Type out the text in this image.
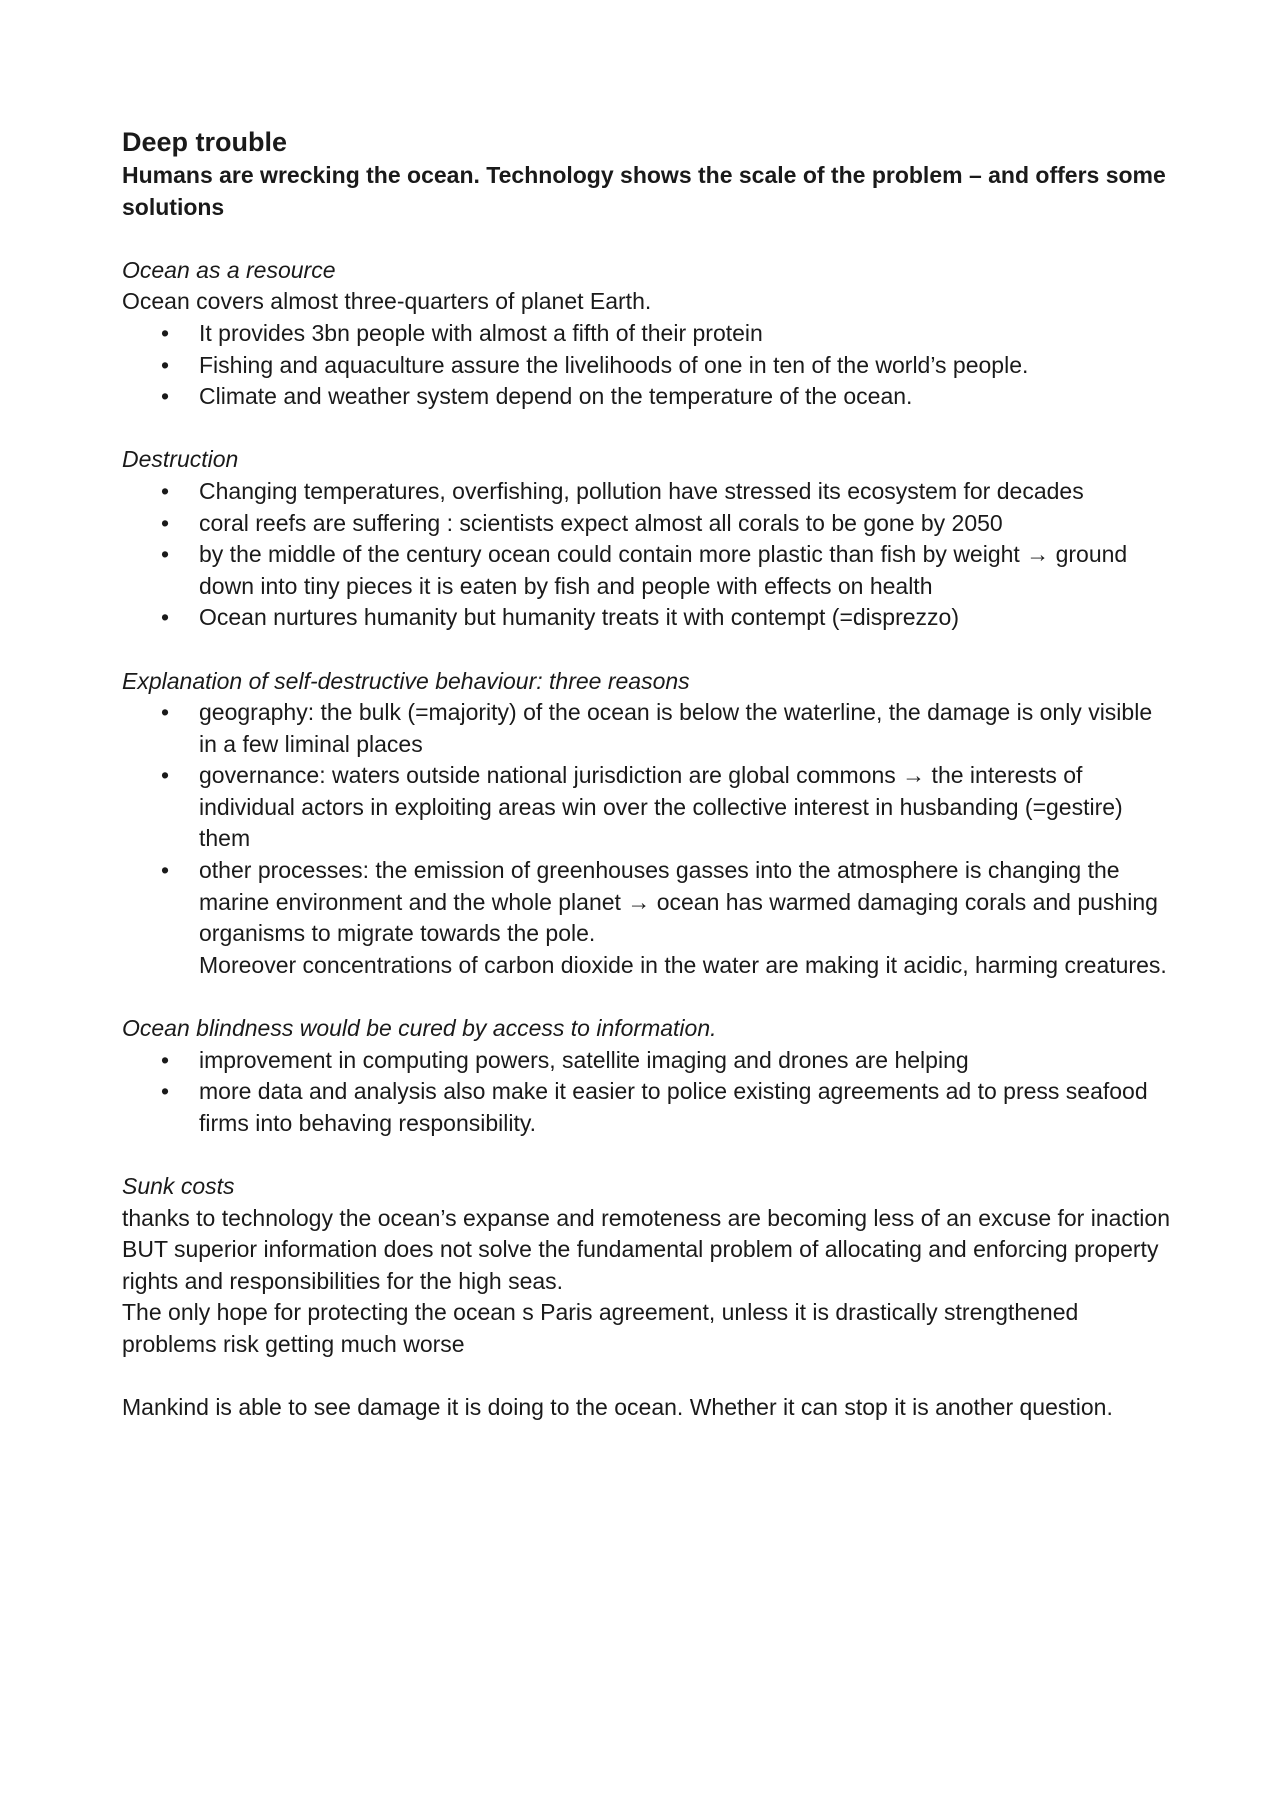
Deep trouble

Humans are wrecking the ocean. Technology shows the scale of the problem – and offers some solutions

Ocean as a resource

Ocean covers almost three-quarters of planet Earth.

• It provides 3bn people with almost a fifth of their protein
• Fishing and aquaculture assure the livelihoods of one in ten of the world’s people.
• Climate and weather system depend on the temperature of the ocean.

Destruction

• Changing temperatures, overfishing, pollution have stressed its ecosystem for decades
• coral reefs are suffering : scientists expect almost all corals to be gone by 2050
• by the middle of the century ocean could contain more plastic than fish by weight → ground down into tiny pieces it is eaten by fish and people with effects on health
• Ocean nurtures humanity but humanity treats it with contempt (=disprezzo)

Explanation of self-destructive behaviour: three reasons

• geography: the bulk (=majority) of the ocean is below the waterline, the damage is only visible in a few liminal places
• governance: waters outside national jurisdiction are global commons → the interests of individual actors in exploiting areas win over the collective interest in husbanding (=gestire) them
• other processes: the emission of greenhouses gasses into the atmosphere is changing the marine environment and the whole planet → ocean has warmed damaging corals and pushing organisms to migrate towards the pole.

Moreover concentrations of carbon dioxide in the water are making it acidic, harming creatures.

Ocean blindness would be cured by access to information.

• improvement in computing powers, satellite imaging and drones are helping
• more data and analysis also make it easier to police existing agreements ad to press seafood firms into behaving responsibility.

Sunk costs

thanks to technology the ocean’s expanse and remoteness are becoming less of an excuse for inaction BUT superior information does not solve the fundamental problem of allocating and enforcing property rights and responsibilities for the high seas.

The only hope for protecting the ocean s Paris agreement, unless it is drastically strengthened problems risk getting much worse

Mankind is able to see damage it is doing to the ocean. Whether it can stop it is another question.
